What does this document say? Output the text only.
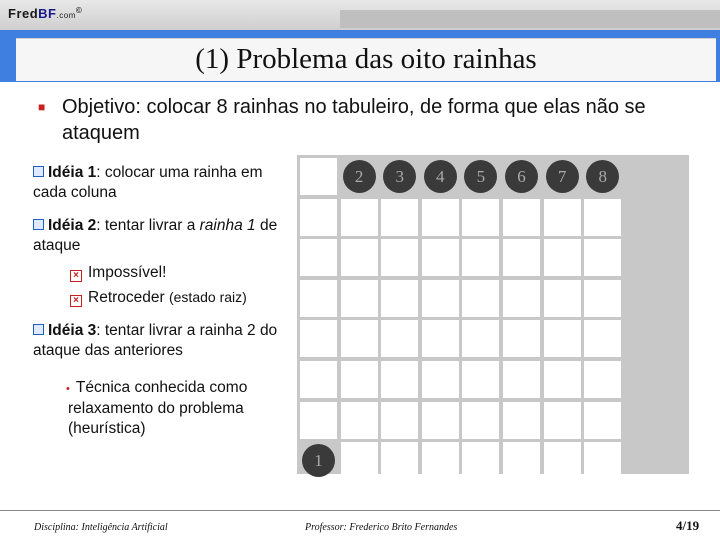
FredBF.com©
(1) Problema das oito rainhas
■ Objetivo: colocar 8 rainhas no tabuleiro, de forma que elas não se ataquem
Idéia 1: colocar uma rainha em cada coluna
Idéia 2: tentar livrar a rainha 1 de ataque
× Impossível!
× Retroceder (estado raiz)
Idéia 3: tentar livrar a rainha 2 do ataque das anteriores
• Técnica conhecida como relaxamento do problema (heurística)
2	3	4	5	6	7	8
1
Disciplina: Inteligência Artificial	Professor: Frederico Brito Fernandes	4/19
